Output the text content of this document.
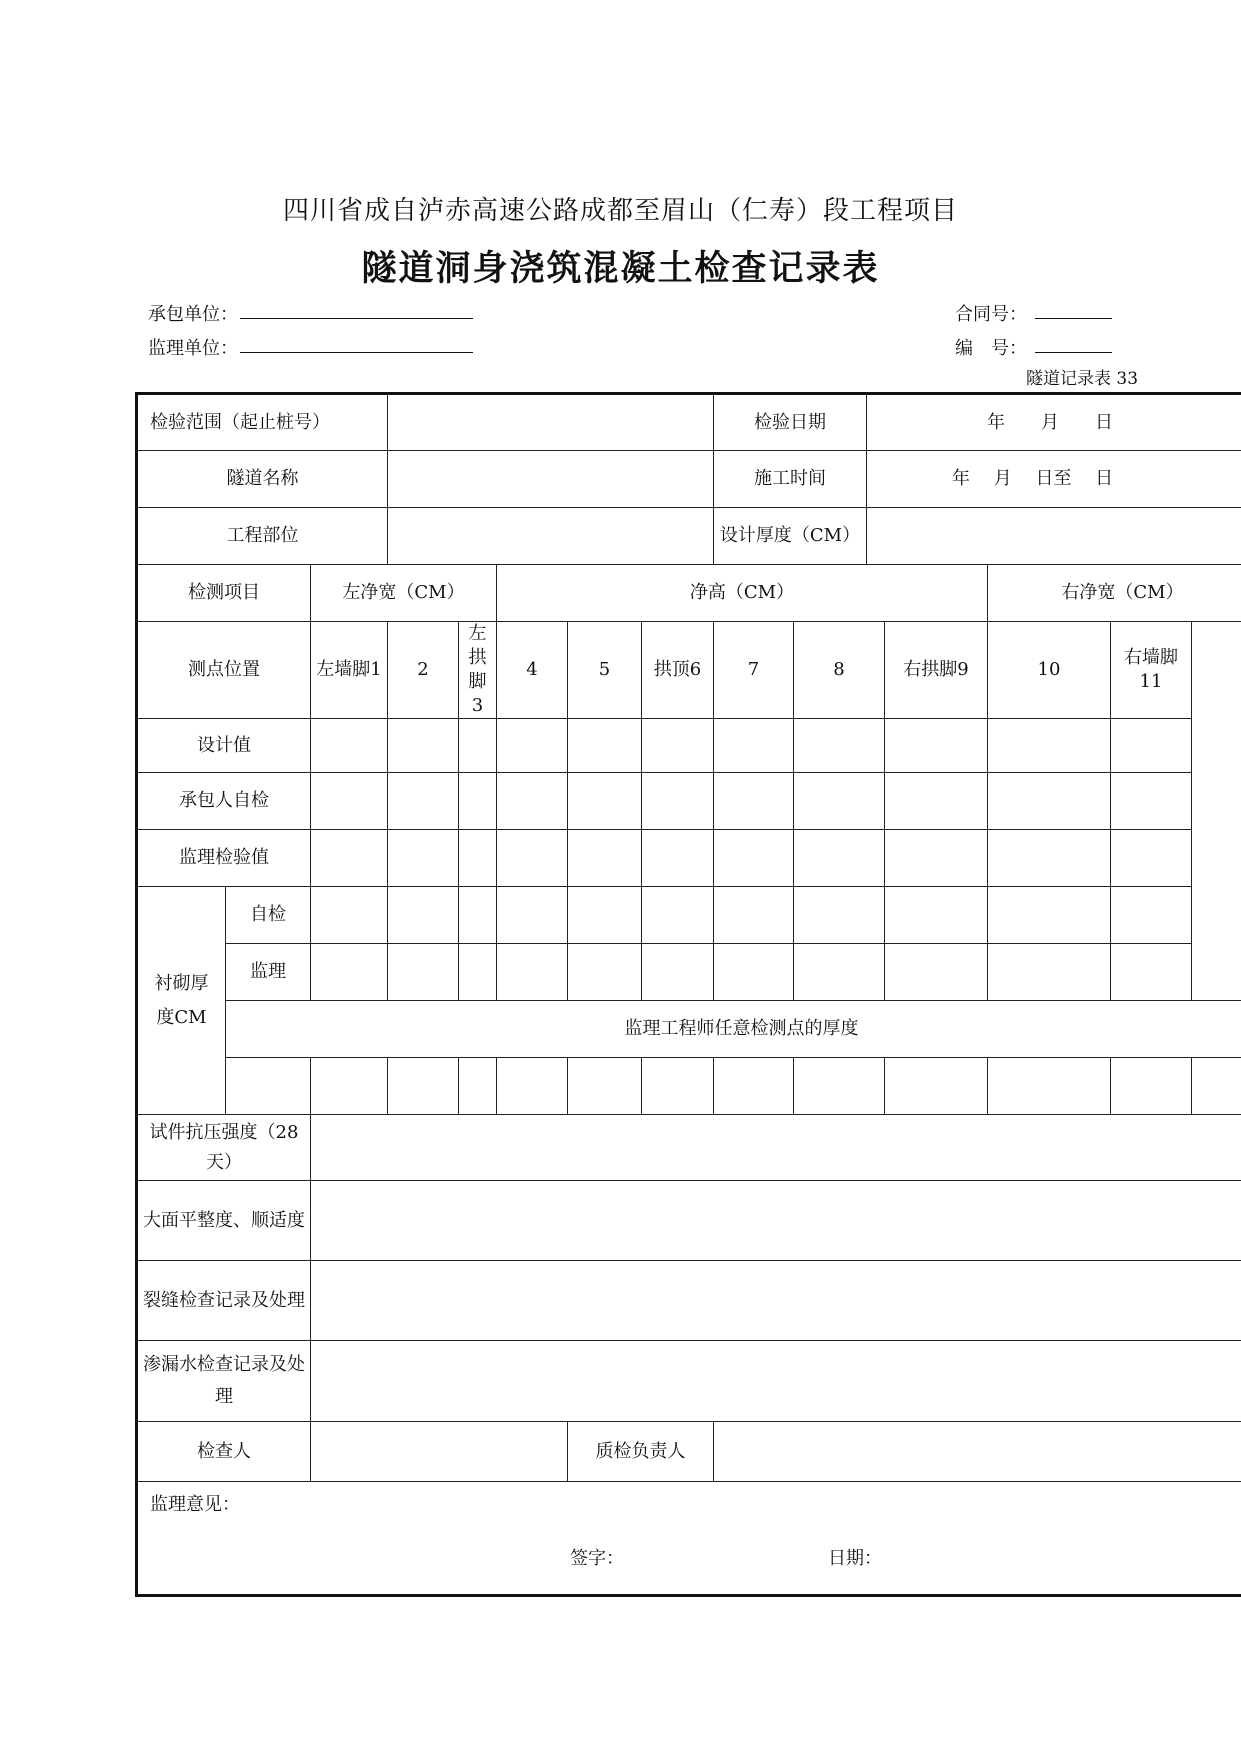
四川省成自泸赤高速公路成都至眉山（仁寿）段工程项目
隧道洞身浇筑混凝土检查记录表
承包单位：
监理单位：
合同号：
编　号：
隧道记录表 33
检验范围（起止桩号）								检验日期		年　　月　　日				
隧道名称								施工时间		年　 月　 日至　 日				
工程部位								设计厚度（CM）						
检测项目		左净宽（CM）			净高（CM）							右净宽（CM）		
测点位置		左墙脚1	2	左拱脚3	4	5	拱顶6	7	8		右拱脚9	10	右墙脚11	
设计值														
承包人自检														
监理检验值														
衬砌厚度CM	自检													
	监理													
	监理工程师任意检测点的厚度													

试件抗压强度（28天）														
大面平整度、顺适度														
裂缝检查记录及处理														
渗漏水检查记录及处理														
检查人						质检负责人								
监理意见：
签字： 日期：														
